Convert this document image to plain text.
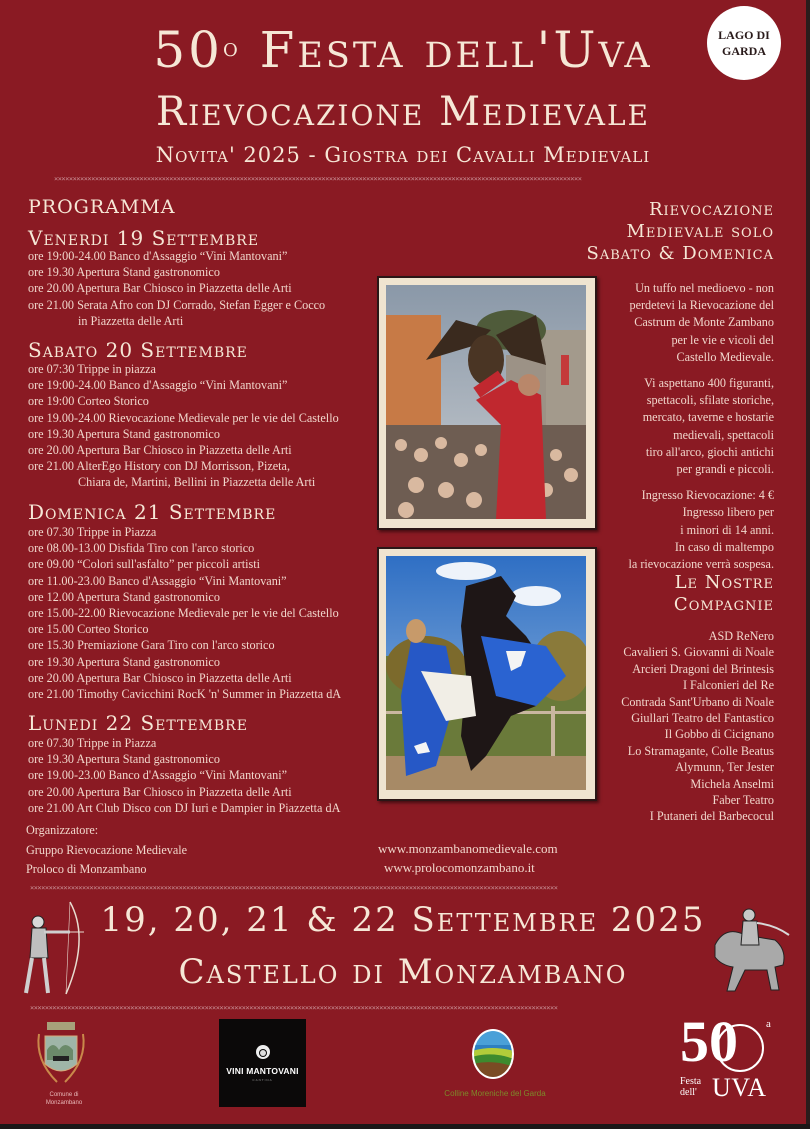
50$^o$ Festa dell'Uva
Rievocazione Medievale
Novita' 2025 - Giostra dei Cavalli Medievali
LAGO DI
GARDA
××××××××××××××××××××××××××××××××××××××××××××××××××××××××××××××××××××××××××××××××××××××××××××××××××××××××××××××××××××××××××××××××××××××××××××××
PROGRAMMA
Venerdi 19 Settembre
ore 19:00-24.00 Banco d'Assaggio “Vini Mantovani”
ore 19.30 Apertura Stand gastronomico
ore 20.00 Apertura Bar Chiosco in Piazzetta delle Arti
ore 21.00 Serata Afro con DJ Corrado, Stefan Egger e Cocco
in Piazzetta delle Arti
Sabato 20 Settembre
ore 07:30 Trippe in piazza
ore 19:00-24.00 Banco d'Assaggio “Vini Mantovani”
ore 19:00 Corteo Storico
ore 19.00-24.00 Rievocazione Medievale per le vie del Castello
ore 19.30 Apertura Stand gastronomico
ore 20.00 Apertura Bar Chiosco in Piazzetta delle Arti
ore 21.00 AlterEgo History con DJ Morrisson, Pizeta,
Chiara de, Martini, Bellini in Piazzetta delle Arti
Domenica 21 Settembre
ore 07.30 Trippe in Piazza
ore 08.00-13.00 Disfida Tiro con l'arco storico
ore 09.00 “Colori sull'asfalto” per piccoli artisti
ore 11.00-23.00 Banco d'Assaggio “Vini Mantovani”
ore 12.00 Apertura Stand gastronomico
ore 15.00-22.00 Rievocazione Medievale per le vie del Castello
ore 15.00 Corteo Storico
ore 15.30 Premiazione Gara Tiro con l'arco storico
ore 19.30 Apertura Stand gastronomico
ore 20.00 Apertura Bar Chiosco in Piazzetta delle Arti
ore 21.00 Timothy Cavicchini RocK 'n' Summer in Piazzetta dA
Lunedi 22 Settembre
ore 07.30 Trippe in Piazza
ore 19.30 Apertura Stand gastronomico
ore 19.00-23.00 Banco d'Assaggio “Vini Mantovani”
ore 20.00 Apertura Bar Chiosco in Piazzetta delle Arti
ore 21.00 Art Club Disco con DJ Iuri e Dampier in Piazzetta dA
Organizzatore:
Gruppo Rievocazione Medievale
Proloco di Monzambano
Rievocazione
Medievale solo
Sabato & Domenica

Un tuffo nel medioevo - non
perdetevi la Rievocazione del
Castrum de Monte Zambano
per le vie e vicoli del
Castello Medievale.

Vi aspettano 400 figuranti,
spettacoli, sfilate storiche,
mercato, taverne e hostarie
medievali, spettacoli
tiro all'arco, giochi antichi
per grandi e piccoli.

Ingresso Rievocazione: 4 €
Ingresso libero per
i minori di 14 anni.
In caso di maltempo
la rievocazione verrà sospesa.

Le Nostre
Compagnie
ASD ReNero
Cavalieri S. Giovanni di Noale
Arcieri Dragoni del Brintesis
I Falconieri del Re
Contrada Sant'Urbano di Noale
Giullari Teatro del Fantastico
Il Gobbo di Cicignano
Lo Stramagante, Colle Beatus
Alymunn, Ter Jester
Michela Anselmi
Faber Teatro
I Putaneri del Barbecocul
www.monzambanomedievale.com
www.prolocomonzambano.it
××××××××××××××××××××××××××××××××××××××××××××××××××××××××××××××××××××××××××××××××××××××××××××××××××××××××××××××××××××××××××××××××××××××××××××××
19, 20, 21 & 22 Settembre 2025
Castello di Monzambano
××××××××××××××××××××××××××××××××××××××××××××××××××××××××××××××××××××××××××××××××××××××××××××××××××××××××××××××××××××××××××××××××××××××××××××××
Comune di Monzambano
VINI MANTOVANI
CANTINA
Colline Moreniche del Garda
50	a
Festa
dell' UVA
